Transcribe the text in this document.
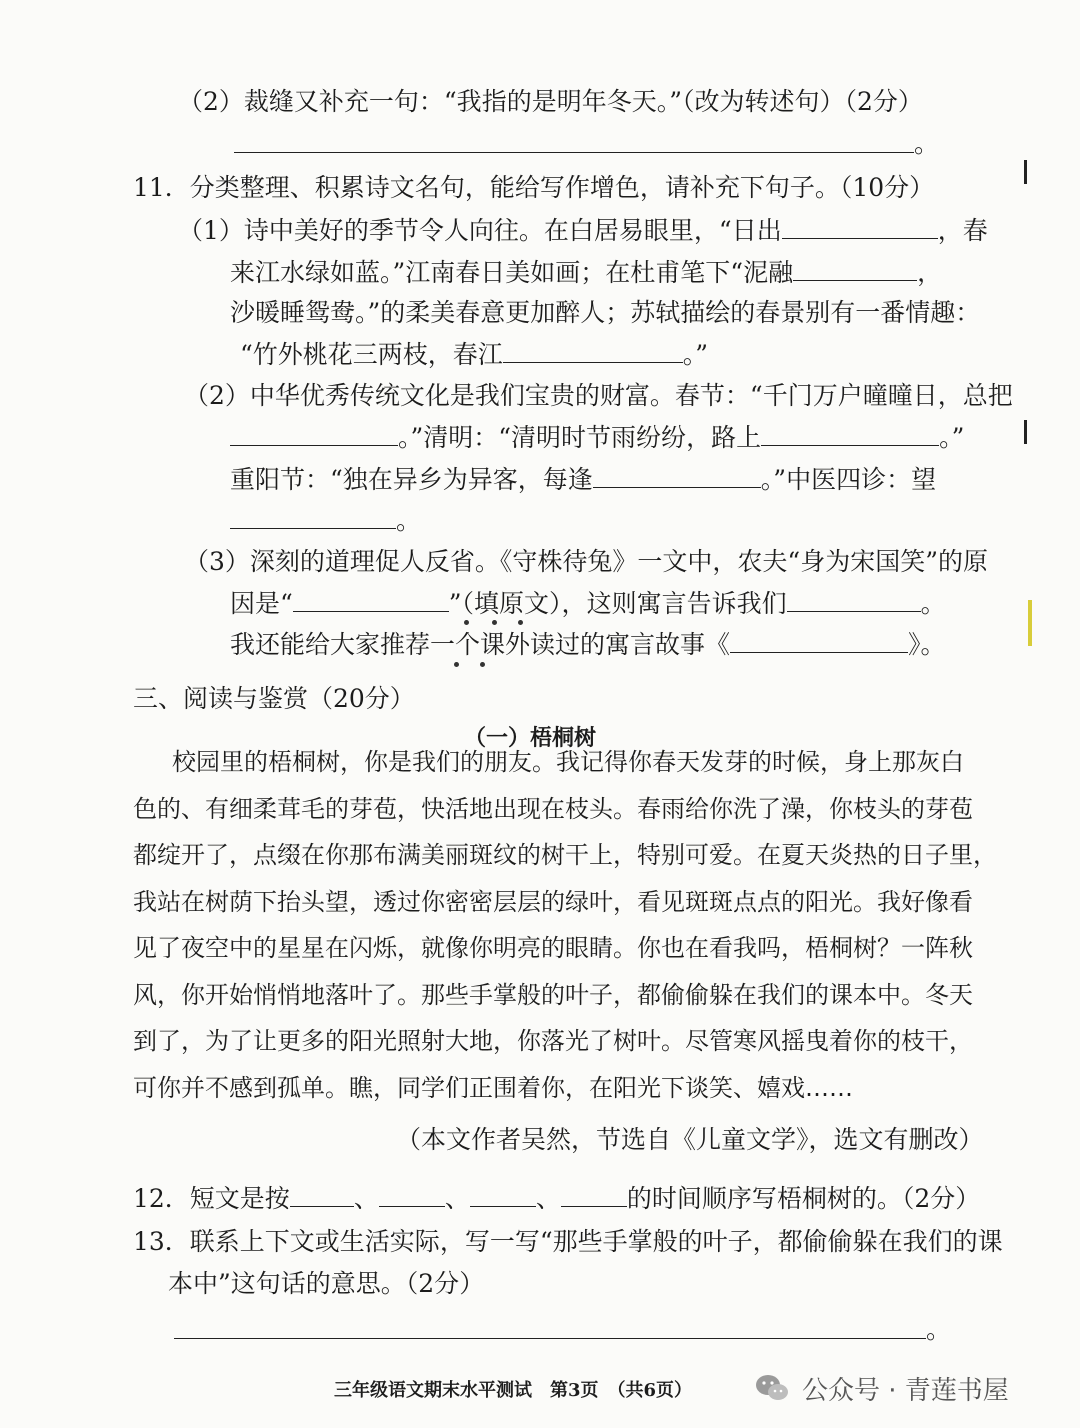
（2）裁缝又补充一句：“我指的是明年冬天。”（改为转述句）（2分）
。
11．分类整理、积累诗文名句，能给写作增色，请补充下句子。（10分）
（1）诗中美好的季节令人向往。在白居易眼里，“日出	，春
来江水绿如蓝。”江南春日美如画；在杜甫笔下“泥融	，
沙暖睡鸳鸯。”的柔美春意更加醉人；苏轼描绘的春景别有一番情趣：
“竹外桃花三两枝，春江	。”
（2）中华优秀传统文化是我们宝贵的财富。春节：“千门万户曈曈日，总把
。”清明：“清明时节雨纷纷，路上	。”
重阳节：“独在异乡为异客，每逢	。”中医四诊：望
。
（3）深刻的道理促人反省。《守株待兔》一文中，农夫“身为宋国笑”的原
因是“	”（填原文），这则寓言告诉我们	。
我还能给大家推荐一个课外读过的寓言故事《	》。
三、阅读与鉴赏（20分）
（一）梧桐树
校园里的梧桐树，你是我们的朋友。我记得你春天发芽的时候，身上那灰白
色的、有细柔茸毛的芽苞，快活地出现在枝头。春雨给你洗了澡，你枝头的芽苞
都绽开了，点缀在你那布满美丽斑纹的树干上，特别可爱。在夏天炎热的日子里，
我站在树荫下抬头望，透过你密密层层的绿叶，看见斑斑点点的阳光。我好像看
见了夜空中的星星在闪烁，就像你明亮的眼睛。你也在看我吗，梧桐树？一阵秋
风，你开始悄悄地落叶了。那些手掌般的叶子，都偷偷躲在我们的课本中。冬天
到了，为了让更多的阳光照射大地，你落光了树叶。尽管寒风摇曳着你的枝干，
可你并不感到孤单。瞧，同学们正围着你，在阳光下谈笑、嬉戏……
（本文作者吴然，节选自《儿童文学》，选文有删改）
12．短文是按	、	、	、	的时间顺序写梧桐树的。（2分）
13．联系上下文或生活实际，写一写“那些手掌般的叶子，都偷偷躲在我们的课
本中”这句话的意思。（2分）
。
三年级语文期末水平测试　第3页　（共6页）	公众号 · 青莲书屋
